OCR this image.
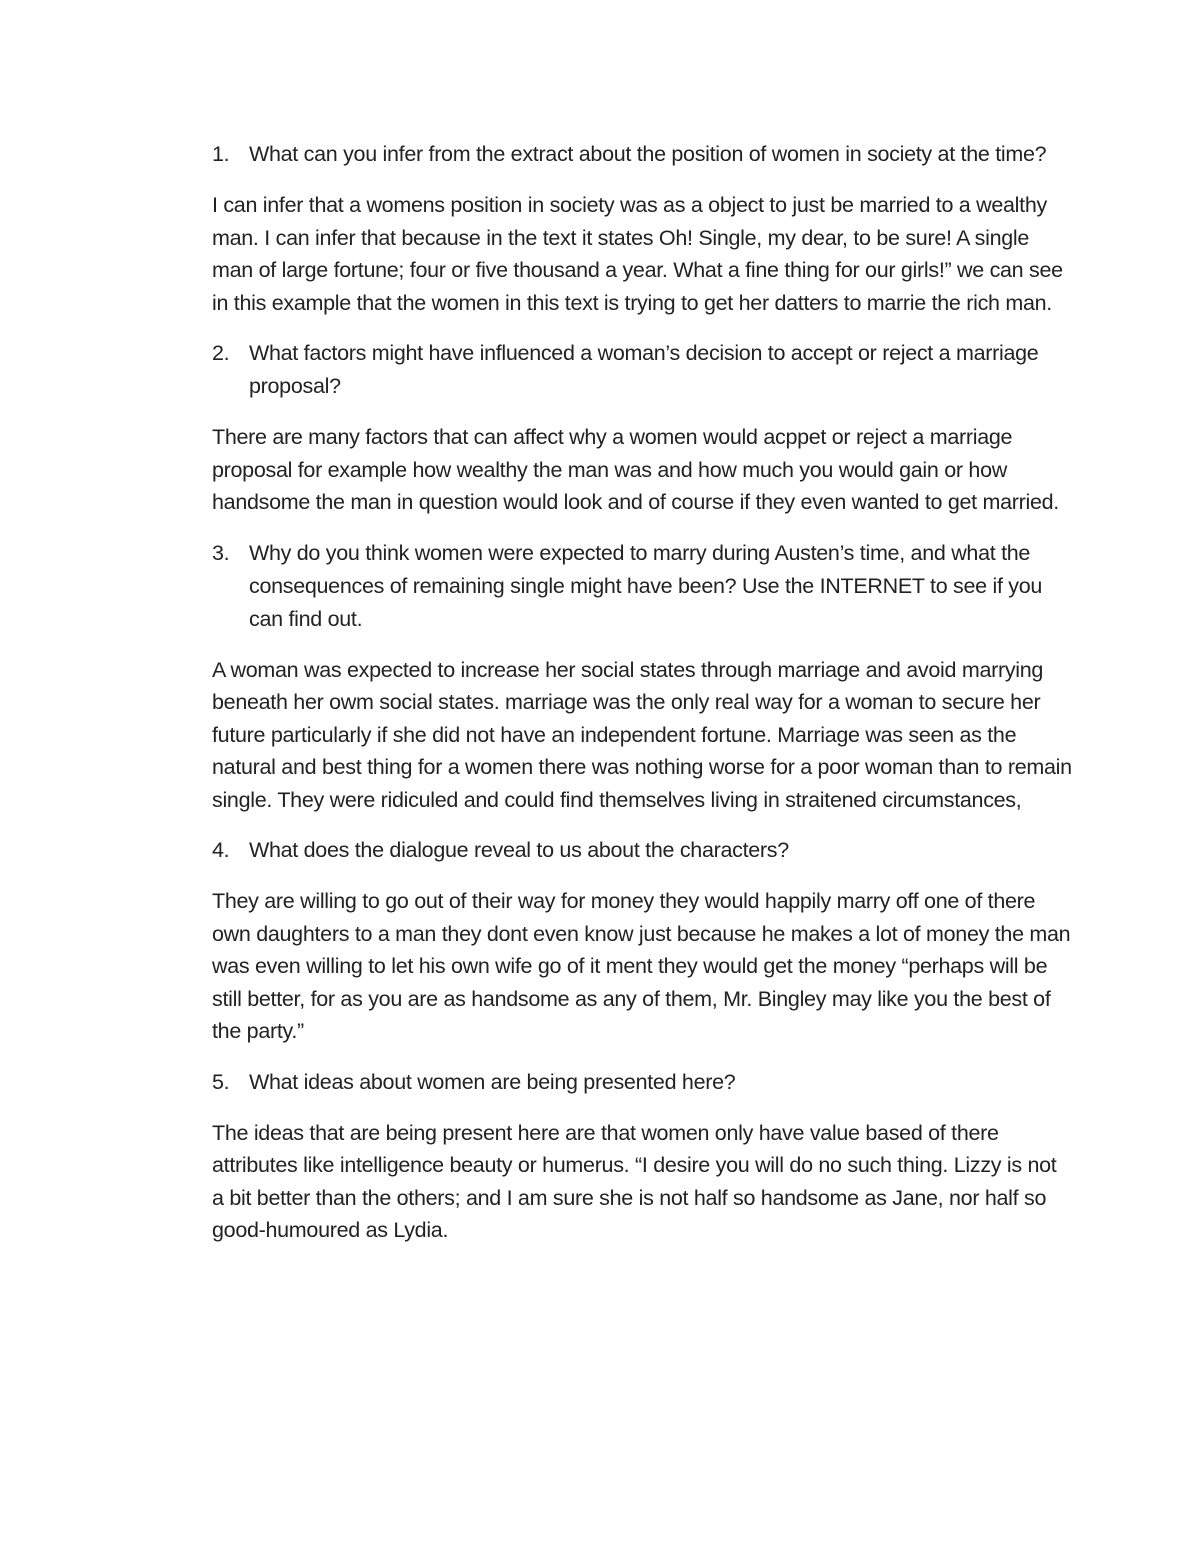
1. What can you infer from the extract about the position of women in society at the time?

I can infer that a womens position in society was as a object to just be married to a wealthy man. I can infer that because in the text it states Oh! Single, my dear, to be sure! A single man of large fortune; four or five thousand a year. What a fine thing for our girls!” we can see in this example that the women in this text is trying to get her datters to marrie the rich man.

2. What factors might have influenced a woman’s decision to accept or reject a marriage proposal?

There are many factors that can affect why a women would acppet or reject a marriage proposal for example how wealthy the man was and how much you would gain or how handsome the man in question would look and of course if they even wanted to get married.

3. Why do you think women were expected to marry during Austen’s time, and what the consequences of remaining single might have been? Use the INTERNET to see if you can find out.

A woman was expected to increase her social states through marriage and avoid marrying beneath her owm social states. marriage was the only real way for a woman to secure her future particularly if she did not have an independent fortune. Marriage was seen as the natural and best thing for a women there was nothing worse for a poor woman than to remain single. They were ridiculed and could find themselves living in straitened circumstances,

4. What does the dialogue reveal to us about the characters?

They are willing to go out of their way for money they would happily marry off one of there own daughters to a man they dont even know just because he makes a lot of money the man was even willing to let his own wife go of it ment they would get the money “perhaps will be still better, for as you are as handsome as any of them, Mr. Bingley may like you the best of the party.”

5. What ideas about women are being presented here?

The ideas that are being present here are that women only have value based of there attributes like intelligence beauty or humerus. “I desire you will do no such thing. Lizzy is not a bit better than the others; and I am sure she is not half so handsome as Jane, nor half so good-humoured as Lydia.
